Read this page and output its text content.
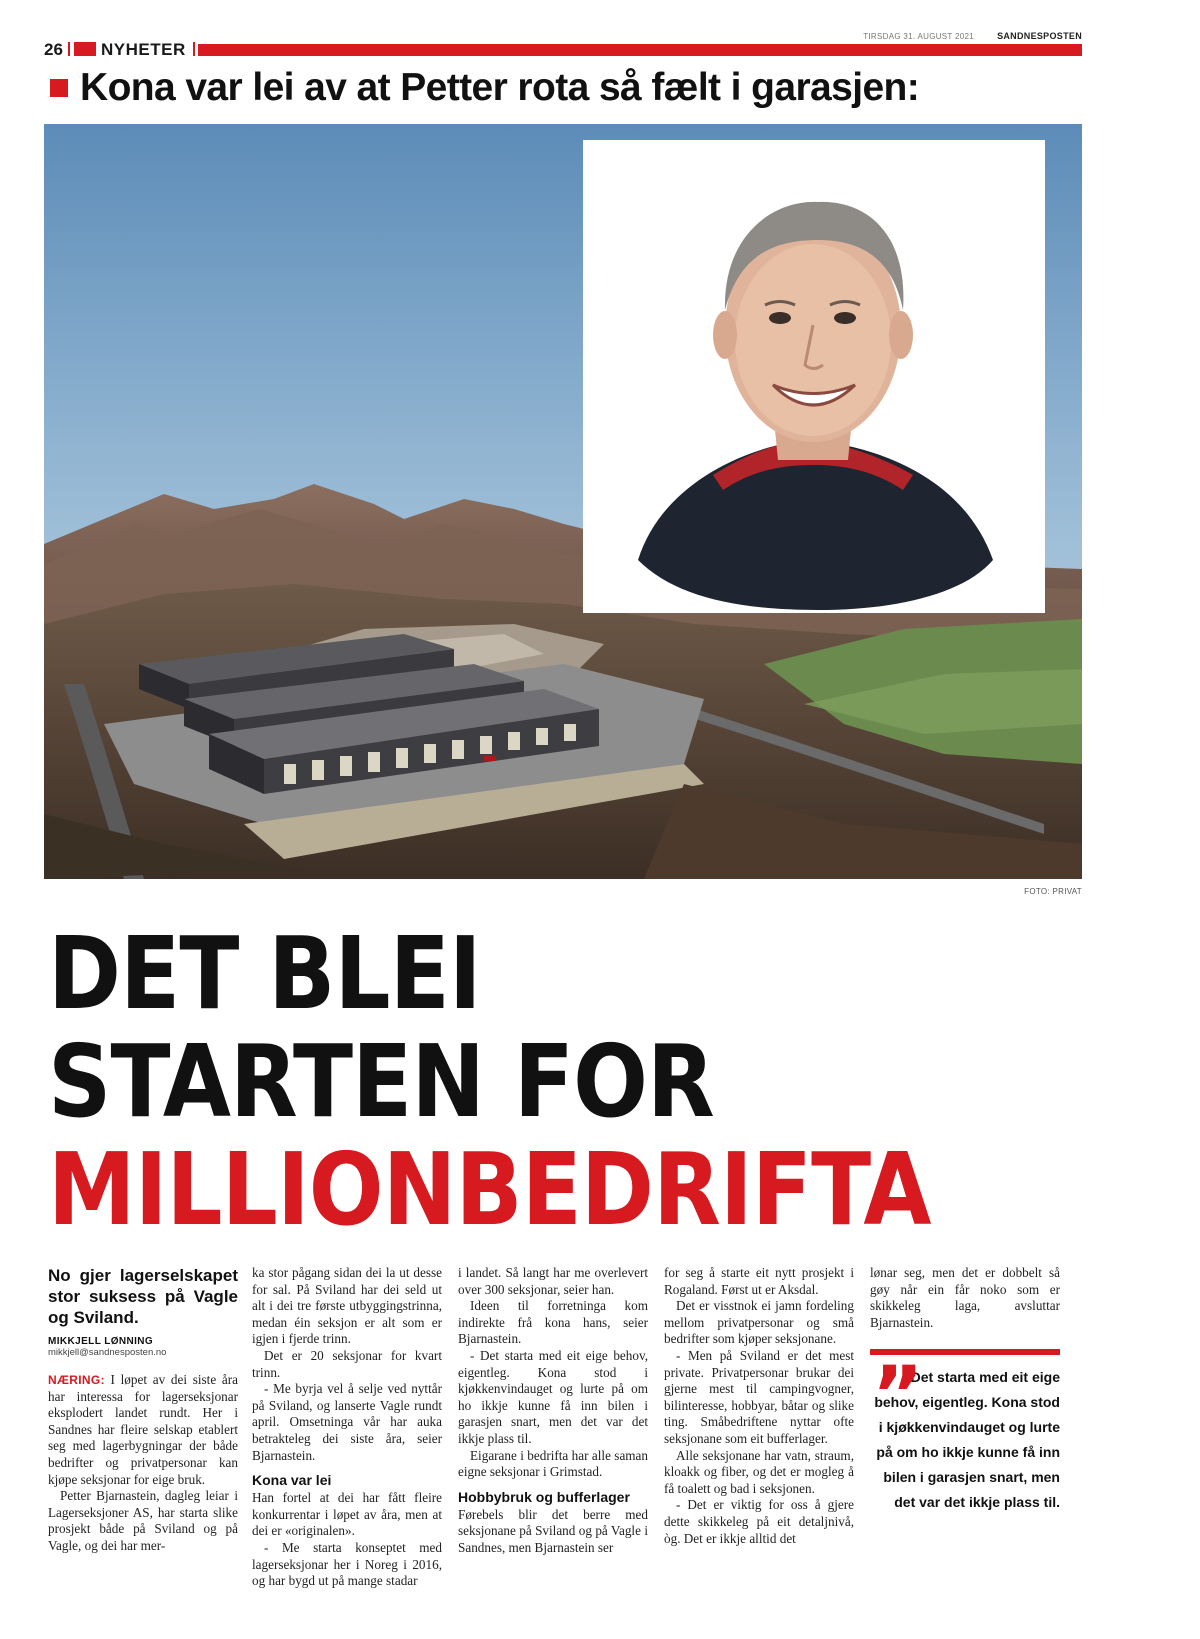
26 NYHETER
TIRSDAG 31. AUGUST 2021	SANDNESPOSTEN
Kona var lei av at Petter rota så fælt i garasjen:
FOTO: PRIVAT
DET BLEI
STARTEN FOR
MILLIONBEDRIFTA

No gjer lagerselskapet stor suksess på Vagle og Sviland.

MIKKJELL LØNNING
mikkjell@sandnesposten.no

NÆRING: I løpet av dei siste åra har interessa for lagerseksjonar eksplodert landet rundt. Her i Sandnes har fleire selskap etablert seg med lagerbygningar der både bedrifter og privatpersonar kan kjøpe seksjonar for eige bruk.

Petter Bjarnastein, dagleg leiar i Lagerseksjoner AS, har starta slike prosjekt både på Sviland og på Vagle, og dei har mer-

ka stor pågang sidan dei la ut desse for sal. På Sviland har dei seld ut alt i dei tre første utbyggingstrinna, medan éin seksjon er alt som er igjen i fjerde trinn.

Det er 20 seksjonar for kvart trinn.

- Me byrja vel å selje ved nyttår på Sviland, og lanserte Vagle rundt april. Omsetninga vår har auka betrakteleg dei siste åra, seier Bjarnastein.

Kona var lei

Han fortel at dei har fått fleire konkurrentar i løpet av åra, men at dei er «originalen».

- Me starta konseptet med lagerseksjonar her i Noreg i 2016, og har bygd ut på mange stadar

i landet. Så langt har me overlevert over 300 seksjonar, seier han.

Ideen til forretninga kom indirekte frå kona hans, seier Bjarnastein.

- Det starta med eit eige behov, eigentleg. Kona stod i kjøkkenvindauget og lurte på om ho ikkje kunne få inn bilen i garasjen snart, men det var det ikkje plass til.

Eigarane i bedrifta har alle saman eigne seksjonar i Grimstad.

Hobbybruk og bufferlager

Førebels blir det berre med seksjonane på Sviland og på Vagle i Sandnes, men Bjarnastein ser

for seg å starte eit nytt prosjekt i Rogaland. Først ut er Aksdal.

Det er visstnok ei jamn fordeling mellom privatpersonar og små bedrifter som kjøper seksjonane.

- Men på Sviland er det mest private. Privatpersonar brukar dei gjerne mest til campingvogner, bilinteresse, hobbyar, båtar og slike ting. Småbedriftene nyttar ofte seksjonane som eit bufferlager.

Alle seksjonane har vatn, straum, kloakk og fiber, og det er mogleg å få toalett og bad i seksjonen.

- Det er viktig for oss å gjere dette skikkeleg på eit detaljnivå, òg. Det er ikkje alltid det

lønar seg, men det er dobbelt så gøy når ein får noko som er skikkeleg laga, avsluttar Bjarnastein.

”
Det starta med eit eige behov, eigentleg. Kona stod i kjøkkenvindauget og lurte på om ho ikkje kunne få inn bilen i garasjen snart, men det var det ikkje plass til.
